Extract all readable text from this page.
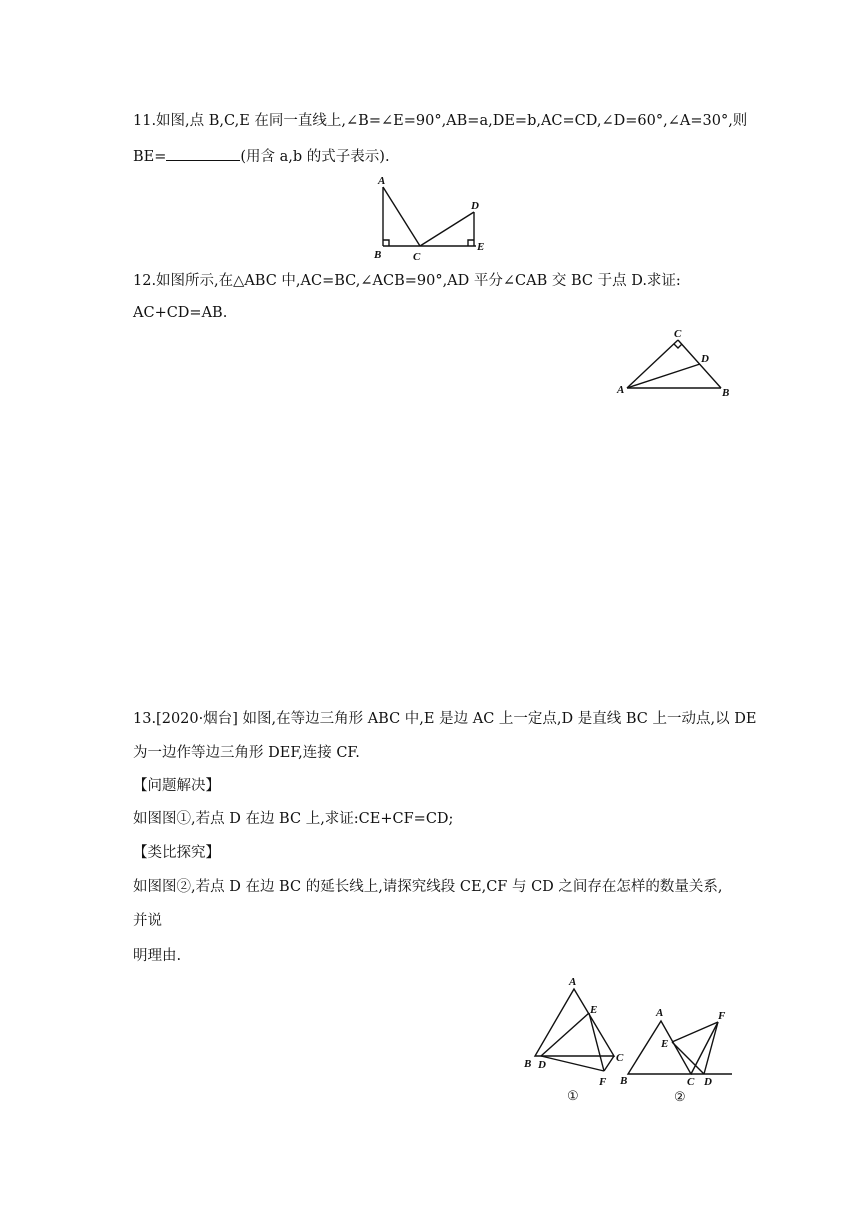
11.如图,点 B,C,E 在同一直线上,∠B=∠E=90°,AB=a,DE=b,AC=CD,∠D=60°,∠A=30°,则
BE=	(用含 a,b 的式子表示).
A
B	C
D
E
12.如图所示,在△ABC 中,AC=BC,∠ACB=90°,AD 平分∠CAB 交 BC 于点 D.求证:
AC+CD=AB.
C
D
A	B
13.[2020·烟台] 如图,在等边三角形 ABC 中,E 是边 AC 上一定点,D 是直线 BC 上一动点,以 DE
为一边作等边三角形 DEF,连接 CF.
【问题解决】
如图图①,若点 D 在边 BC 上,求证:CE+CF=CD;
【类比探究】
如图图②,若点 D 在边 BC 的延长线上,请探究线段 CE,CF 与 CD 之间存在怎样的数量关系,
并说
明理由.
A
E
B D
C
F
①
A	F
E
B	C D
②
